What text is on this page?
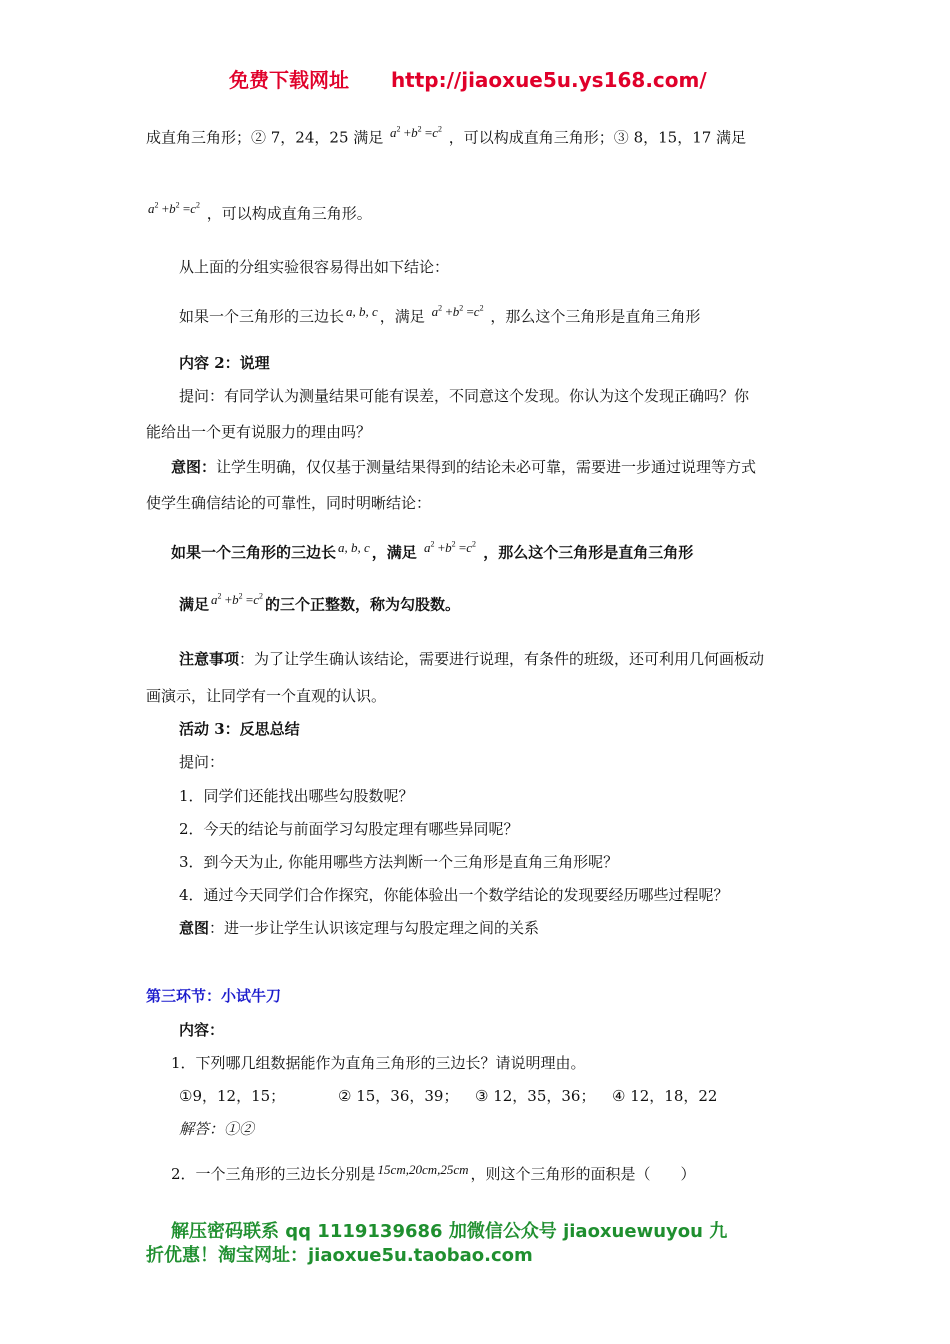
免费下载网址 http://jiaoxue5u.ys168.com/
成直角三角形；② 7，24，25 满足 $a^2 +b^2 =c^2$ ，可以构成直角三角形；③ 8，15，17 满足
$a^2 +b^2 =c^2$ ，可以构成直角三角形。
从上面的分组实验很容易得出如下结论：
如果一个三角形的三边长 a, b, c ，满足 $a^2 +b^2 =c^2$ ，那么这个三角形是直角三角形
内容 2：说理
提问：有同学认为测量结果可能有误差，不同意这个发现。你认为这个发现正确吗？你
能给出一个更有说服力的理由吗？
意图：让学生明确，仅仅基于测量结果得到的结论未必可靠，需要进一步通过说理等方式
使学生确信结论的可靠性，同时明晰结论：
如果一个三角形的三边长 a, b, c ，满足 $a^2 +b^2 =c^2$ ，那么这个三角形是直角三角形
满足 $a^2 +b^2 =c^2$ 的三个正整数，称为勾股数。
注意事项：为了让学生确认该结论，需要进行说理，有条件的班级，还可利用几何画板动
画演示，让同学有一个直观的认识。
活动 3：反思总结
提问：
1．同学们还能找出哪些勾股数呢？
2．今天的结论与前面学习勾股定理有哪些异同呢？
3．到今天为止, 你能用哪些方法判断一个三角形是直角三角形呢？
4．通过今天同学们合作探究，你能体验出一个数学结论的发现要经历哪些过程呢？
意图：进一步让学生认识该定理与勾股定理之间的关系
第三环节：小试牛刀
内容：
1．下列哪几组数据能作为直角三角形的三边长？请说明理由。
①9，12，15；	② 15，36，39； ③ 12，35，36； ④ 12，18，22
解答：①②
2．一个三角形的三边长分别是 15cm,20cm,25cm ，则这个三角形的面积是（　　）
解压密码联系 qq 1119139686 加微信公众号 jiaoxuewuyou 九
折优惠！淘宝网址：jiaoxue5u.taobao.com
